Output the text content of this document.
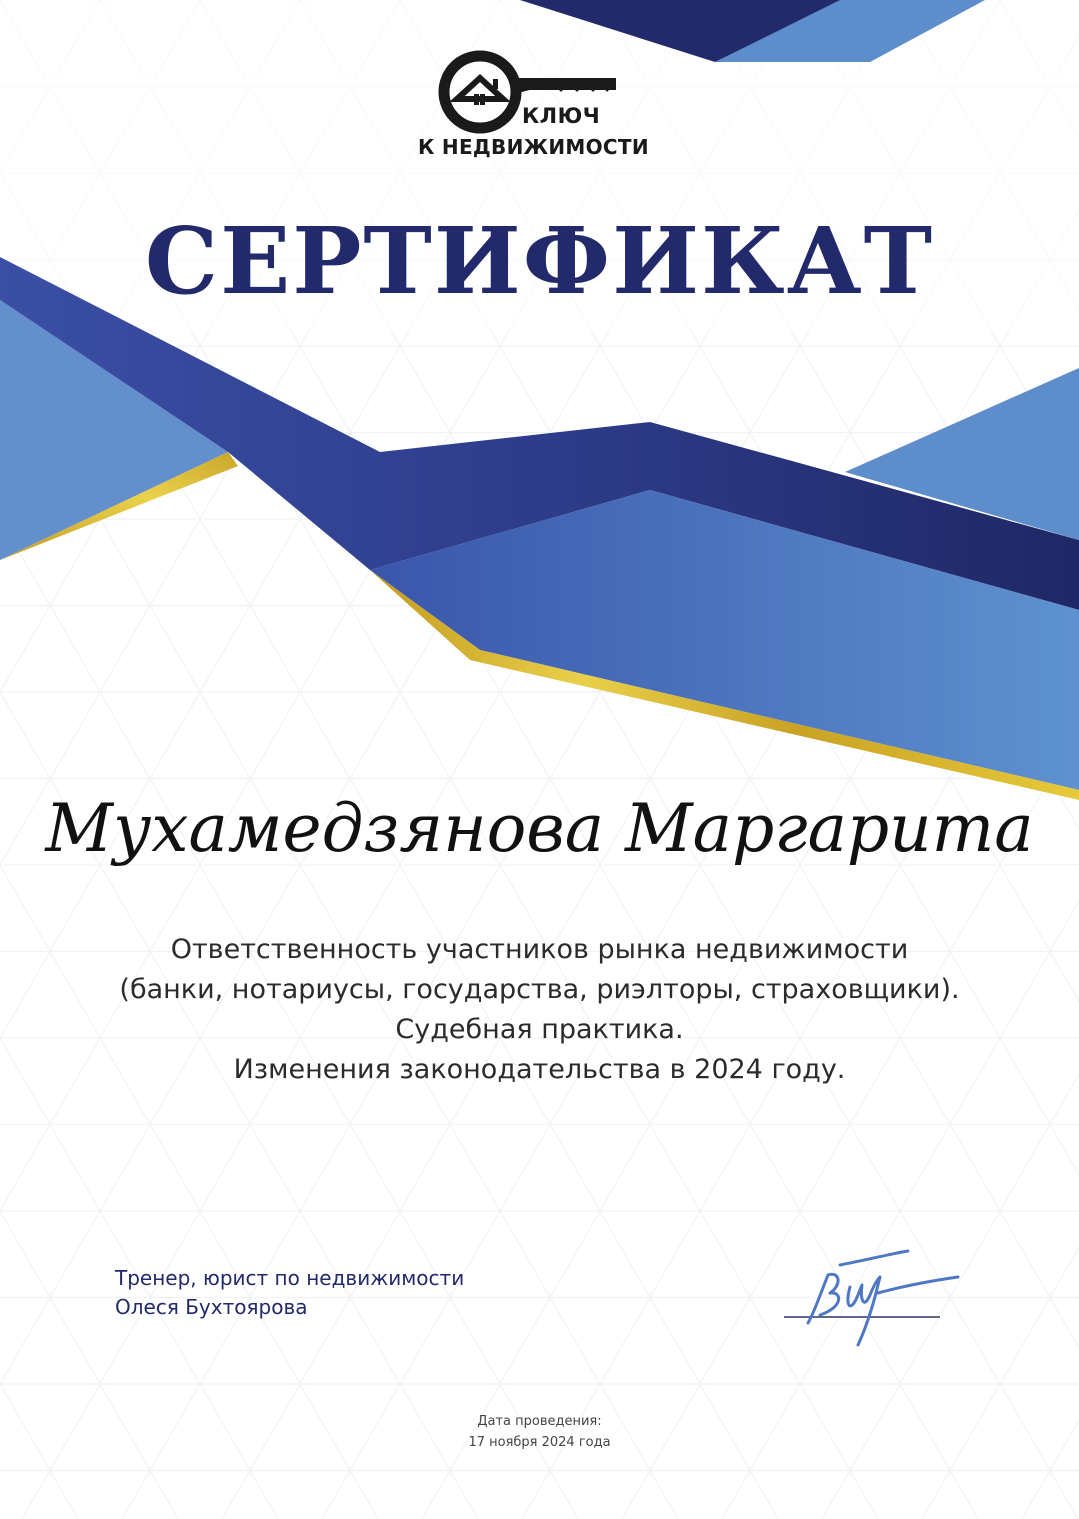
КЛЮЧ
К НЕДВИЖИМОСТИ
СЕРТИФИКАТ
Мухамедзянова Маргарита
Ответственность участников рынка недвижимости
(банки, нотариусы, государства, риэлторы, страховщики).
Судебная практика.
Изменения законодательства в 2024 году.
Тренер, юрист по недвижимости
Олеся Бухтоярова
Дата проведения:
17 ноября 2024 года
